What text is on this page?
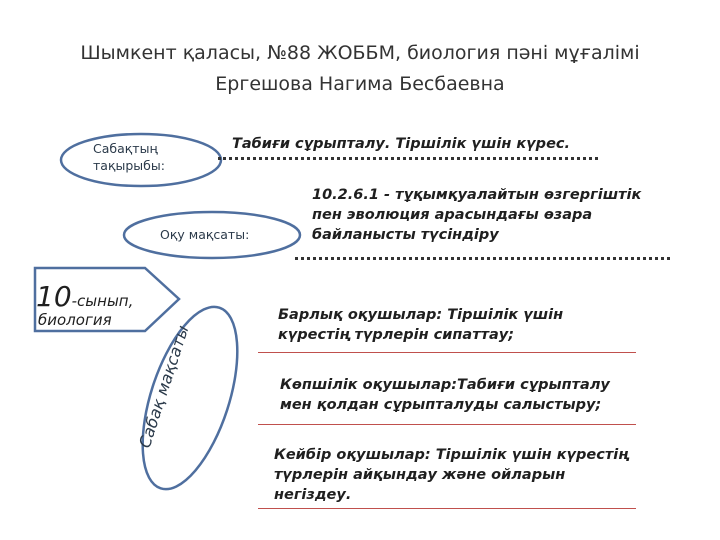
Шымкент қаласы, №88 ЖОББМ, биология пәні мұғалімі
Ергешова Нагима Бесбаевна
Сабақтың
тақырыбы:
Табиғи сұрыпталу. Тіршілік үшін күрес.
Оқу мақсаты:
10.2.6.1 - тұқымқуалайтын өзгергіштік
пен эволюция арасындағы өзара
байланысты түсіндіру
10-сынып,
биология
Сабақ мақсаты
Барлық оқушылар: Тіршілік үшін
күрестің түрлерін сипаттау;
Көпшілік оқушылар:Табиғи сұрыпталу
мен қолдан сұрыпталуды салыстыру;
Кейбір оқушылар: Тіршілік үшін күрестің
түрлерін айқындау және ойларын
негіздеу.
